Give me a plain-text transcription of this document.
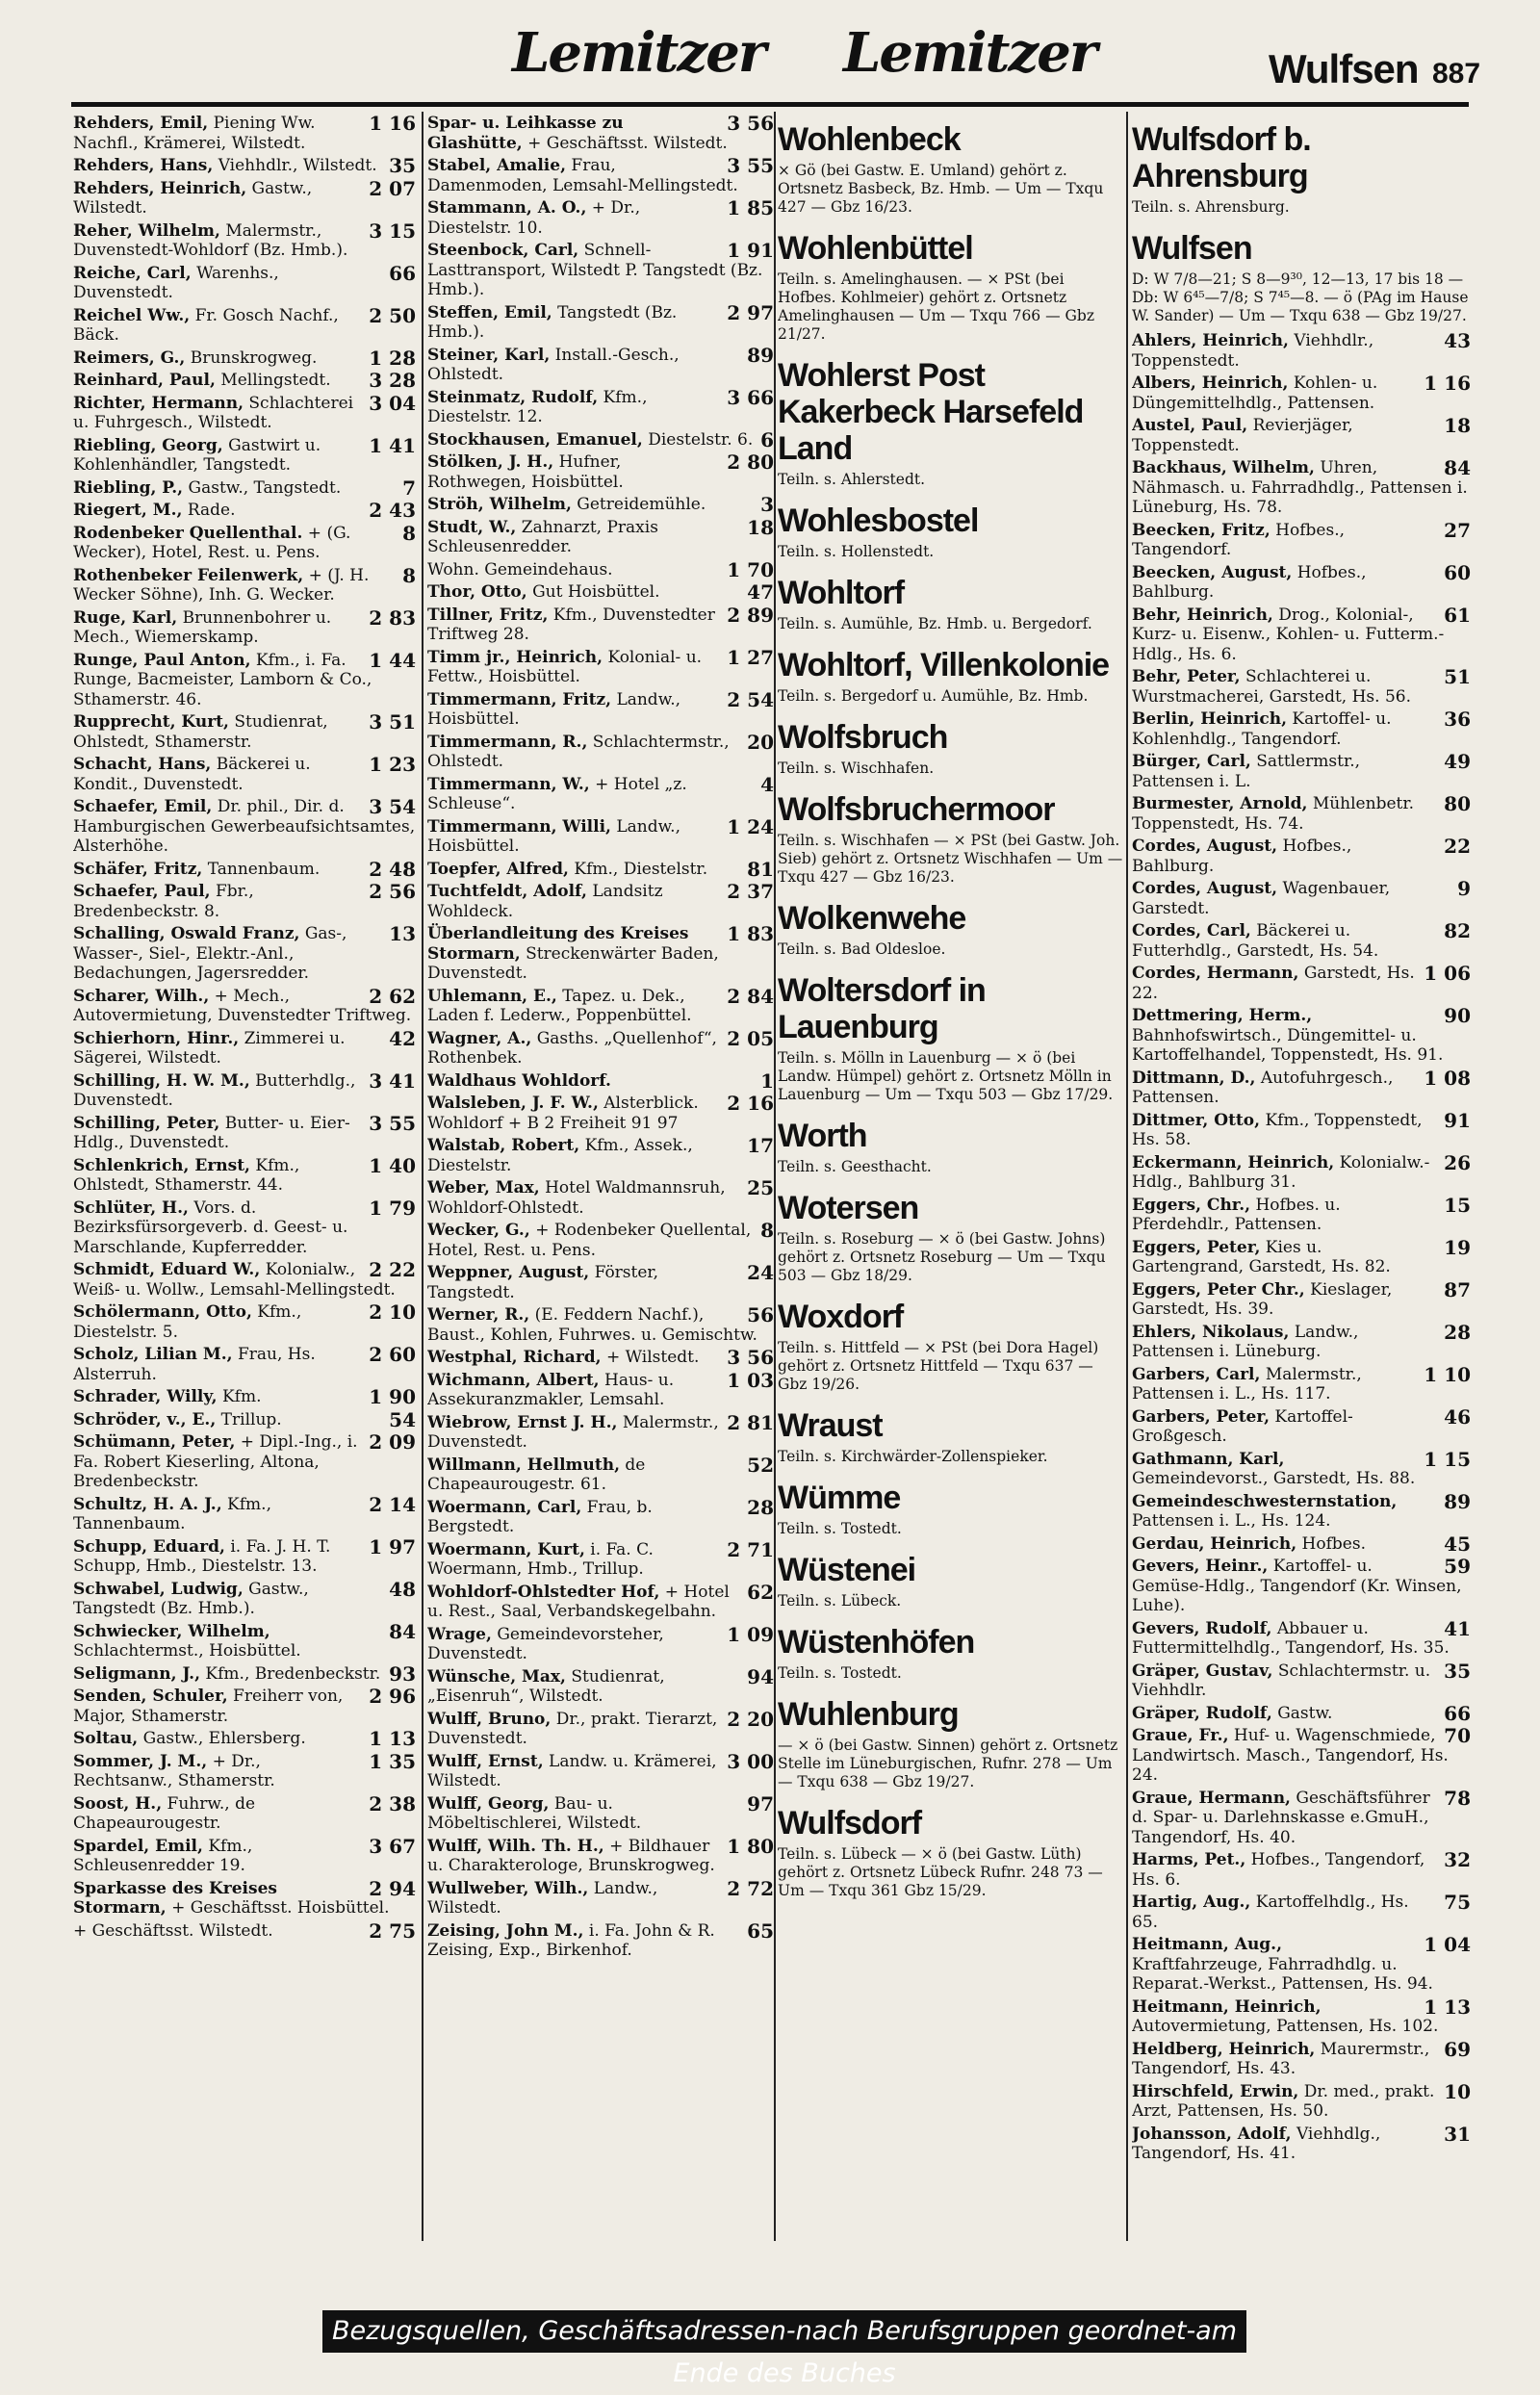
Lemitzer Lemitzer	Wulfsen 887
1 16
Rehders, Emil, Piening Ww. Nachfl., Krämerei, Wilstedt.
35
Rehders, Hans, Viehhdlr., Wilstedt.
2 07
Rehders, Heinrich, Gastw., Wilstedt.
3 15
Reher, Wilhelm, Malermstr., Duvenstedt-Wohldorf (Bz. Hmb.).
66
Reiche, Carl, Warenhs., Duvenstedt.
2 50
Reichel Ww., Fr. Gosch Nachf., Bäck.
1 28
Reimers, G., Brunskrogweg.
3 28
Reinhard, Paul, Mellingstedt.
3 04
Richter, Hermann, Schlachterei u. Fuhrgesch., Wilstedt.
1 41
Riebling, Georg, Gastwirt u. Kohlenhändler, Tangstedt.
7
Riebling, P., Gastw., Tangstedt.
2 43
Riegert, M., Rade.
8
Rodenbeker Quellenthal. + (G. Wecker), Hotel, Rest. u. Pens.
8
Rothenbeker Feilenwerk, + (J. H. Wecker Söhne), Inh. G. Wecker.
2 83
Ruge, Karl, Brunnenbohrer u. Mech., Wiemerskamp.
1 44
Runge, Paul Anton, Kfm., i. Fa. Runge, Bacmeister, Lamborn & Co., Sthamerstr. 46.
3 51
Rupprecht, Kurt, Studienrat, Ohlstedt, Sthamerstr.
1 23
Schacht, Hans, Bäckerei u. Kondit., Duvenstedt.
3 54
Schaefer, Emil, Dr. phil., Dir. d. Hamburgischen Gewerbeaufsichtsamtes, Alsterhöhe.
2 48
Schäfer, Fritz, Tannenbaum.
2 56
Schaefer, Paul, Fbr., Bredenbeckstr. 8.
13
Schalling, Oswald Franz, Gas-, Wasser-, Siel-, Elektr.-Anl., Bedachungen, Jagersredder.
2 62
Scharer, Wilh., + Mech., Autovermietung, Duvenstedter Triftweg.
42
Schierhorn, Hinr., Zimmerei u. Sägerei, Wilstedt.
3 41
Schilling, H. W. M., Butterhdlg., Duvenstedt.
3 55
Schilling, Peter, Butter- u. Eier-Hdlg., Duvenstedt.
1 40
Schlenkrich, Ernst, Kfm., Ohlstedt, Sthamerstr. 44.
1 79
Schlüter, H., Vors. d. Bezirksfürsorgeverb. d. Geest- u. Marschlande, Kupferredder.
2 22
Schmidt, Eduard W., Kolonialw., Weiß- u. Wollw., Lemsahl-Mellingstedt.
2 10
Schölermann, Otto, Kfm., Diestelstr. 5.
2 60
Scholz, Lilian M., Frau, Hs. Alsterruh.
1 90
Schrader, Willy, Kfm.
54
Schröder, v., E., Trillup.
2 09
Schümann, Peter, + Dipl.-Ing., i. Fa. Robert Kieserling, Altona, Bredenbeckstr.
2 14
Schultz, H. A. J., Kfm., Tannenbaum.
1 97
Schupp, Eduard, i. Fa. J. H. T. Schupp, Hmb., Diestelstr. 13.
48
Schwabel, Ludwig, Gastw., Tangstedt (Bz. Hmb.).
84
Schwiecker, Wilhelm, Schlachtermst., Hoisbüttel.
93
Seligmann, J., Kfm., Bredenbeckstr.
2 96
Senden, Schuler, Freiherr von, Major, Sthamerstr.
1 13
Soltau, Gastw., Ehlersberg.
1 35
Sommer, J. M., + Dr., Rechtsanw., Sthamerstr.
2 38
Soost, H., Fuhrw., de Chapeaurougestr.
3 67
Spardel, Emil, Kfm., Schleusenredder 19.
2 94
Sparkasse des Kreises Stormarn, + Geschäftsst. Hoisbüttel.
2 75
+ Geschäftsst. Wilstedt.
3 56
Spar- u. Leihkasse zu Glashütte, + Geschäftsst. Wilstedt.
3 55
Stabel, Amalie, Frau, Damenmoden, Lemsahl-Mellingstedt.
1 85
Stammann, A. O., + Dr., Diestelstr. 10.
1 91
Steenbock, Carl, Schnell-Lasttransport, Wilstedt P. Tangstedt (Bz. Hmb.).
2 97
Steffen, Emil, Tangstedt (Bz. Hmb.).
89
Steiner, Karl, Install.-Gesch., Ohlstedt.
3 66
Steinmatz, Rudolf, Kfm., Diestelstr. 12.
6
Stockhausen, Emanuel, Diestelstr. 6.
2 80
Stölken, J. H., Hufner, Rothwegen, Hoisbüttel.
3
Ströh, Wilhelm, Getreidemühle.
18
Studt, W., Zahnarzt, Praxis Schleusenredder.
1 70
Wohn. Gemeindehaus.
47
Thor, Otto, Gut Hoisbüttel.
2 89
Tillner, Fritz, Kfm., Duvenstedter Triftweg 28.
1 27
Timm jr., Heinrich, Kolonial- u. Fettw., Hoisbüttel.
2 54
Timmermann, Fritz, Landw., Hoisbüttel.
20
Timmermann, R., Schlachtermstr., Ohlstedt.
4
Timmermann, W., + Hotel „z. Schleuse“.
1 24
Timmermann, Willi, Landw., Hoisbüttel.
81
Toepfer, Alfred, Kfm., Diestelstr.
2 37
Tuchtfeldt, Adolf, Landsitz Wohldeck.
1 83
Überlandleitung des Kreises Stormarn, Streckenwärter Baden, Duvenstedt.
2 84
Uhlemann, E., Tapez. u. Dek., Laden f. Lederw., Poppenbüttel.
2 05
Wagner, A., Gasths. „Quellenhof“, Rothenbek.
1
Waldhaus Wohldorf.
2 16
Walsleben, J. F. W., Alsterblick. Wohldorf + B 2 Freiheit 91 97
17
Walstab, Robert, Kfm., Assek., Diestelstr.
25
Weber, Max, Hotel Waldmannsruh, Wohldorf-Ohlstedt.
8
Wecker, G., + Rodenbeker Quellental, Hotel, Rest. u. Pens.
24
Weppner, August, Förster, Tangstedt.
56
Werner, R., (E. Feddern Nachf.), Baust., Kohlen, Fuhrwes. u. Gemischtw.
3 56
Westphal, Richard, + Wilstedt.
1 03
Wichmann, Albert, Haus- u. Assekuranzmakler, Lemsahl.
2 81
Wiebrow, Ernst J. H., Malermstr., Duvenstedt.
52
Willmann, Hellmuth, de Chapeaurougestr. 61.
28
Woermann, Carl, Frau, b. Bergstedt.
2 71
Woermann, Kurt, i. Fa. C. Woermann, Hmb., Trillup.
62
Wohldorf-Ohlstedter Hof, + Hotel u. Rest., Saal, Verbandskegelbahn.
1 09
Wrage, Gemeindevorsteher, Duvenstedt.
94
Wünsche, Max, Studienrat, „Eisenruh“, Wilstedt.
2 20
Wulff, Bruno, Dr., prakt. Tierarzt, Duvenstedt.
3 00
Wulff, Ernst, Landw. u. Krämerei, Wilstedt.
97
Wulff, Georg, Bau- u. Möbeltischlerei, Wilstedt.
1 80
Wulff, Wilh. Th. H., + Bildhauer u. Charakterologe, Brunskrogweg.
2 72
Wullweber, Wilh., Landw., Wilstedt.
65
Zeising, John M., i. Fa. John & R. Zeising, Exp., Birkenhof.
Wohlenbeck
× Gö (bei Gastw. E. Umland) gehört z. Ortsnetz Basbeck, Bz. Hmb. — Um — Txqu 427 — Gbz 16/23.
Wohlenbüttel
Teiln. s. Amelinghausen. — × PSt (bei Hofbes. Kohlmeier) gehört z. Ortsnetz Amelinghausen — Um — Txqu 766 — Gbz 21/27.
Wohlerst Post Kakerbeck Harsefeld Land
Teiln. s. Ahlerstedt.
Wohlesbostel
Teiln. s. Hollenstedt.
Wohltorf
Teiln. s. Aumühle, Bz. Hmb. u. Bergedorf.
Wohltorf, Villenkolonie
Teiln. s. Bergedorf u. Aumühle, Bz. Hmb.
Wolfsbruch
Teiln. s. Wischhafen.
Wolfsbruchermoor
Teiln. s. Wischhafen — × PSt (bei Gastw. Joh. Sieb) gehört z. Ortsnetz Wischhafen — Um — Txqu 427 — Gbz 16/23.
Wolkenwehe
Teiln. s. Bad Oldesloe.
Woltersdorf in Lauenburg
Teiln. s. Mölln in Lauenburg — × ö (bei Landw. Hümpel) gehört z. Ortsnetz Mölln in Lauenburg — Um — Txqu 503 — Gbz 17/29.
Worth
Teiln. s. Geesthacht.
Wotersen
Teiln. s. Roseburg — × ö (bei Gastw. Johns) gehört z. Ortsnetz Roseburg — Um — Txqu 503 — Gbz 18/29.
Woxdorf
Teiln. s. Hittfeld — × PSt (bei Dora Hagel) gehört z. Ortsnetz Hittfeld — Txqu 637 — Gbz 19/26.
Wraust
Teiln. s. Kirchwärder-Zollenspieker.
Wümme
Teiln. s. Tostedt.
Wüstenei
Teiln. s. Lübeck.
Wüstenhöfen
Teiln. s. Tostedt.
Wuhlenburg
— × ö (bei Gastw. Sinnen) gehört z. Ortsnetz Stelle im Lüneburgischen, Rufnr. 278 — Um — Txqu 638 — Gbz 19/27.
Wulfsdorf
Teiln. s. Lübeck — × ö (bei Gastw. Lüth) gehört z. Ortsnetz Lübeck Rufnr. 248 73 — Um — Txqu 361 Gbz 15/29.
Wulfsdorf b. Ahrensburg
Teiln. s. Ahrensburg.
Wulfsen
D: W 7/8—21; S 8—9³⁰, 12—13, 17 bis 18 — Db: W 6⁴⁵—7/8; S 7⁴⁵—8. — ö (PAg im Hause W. Sander) — Um — Txqu 638 — Gbz 19/27.
43
Ahlers, Heinrich, Viehhdlr., Toppenstedt.
1 16
Albers, Heinrich, Kohlen- u. Düngemittelhdlg., Pattensen.
18
Austel, Paul, Revierjäger, Toppenstedt.
84
Backhaus, Wilhelm, Uhren, Nähmasch. u. Fahrradhdlg., Pattensen i. Lüneburg, Hs. 78.
27
Beecken, Fritz, Hofbes., Tangendorf.
60
Beecken, August, Hofbes., Bahlburg.
61
Behr, Heinrich, Drog., Kolonial-, Kurz- u. Eisenw., Kohlen- u. Futterm.-Hdlg., Hs. 6.
51
Behr, Peter, Schlachterei u. Wurstmacherei, Garstedt, Hs. 56.
36
Berlin, Heinrich, Kartoffel- u. Kohlenhdlg., Tangendorf.
49
Bürger, Carl, Sattlermstr., Pattensen i. L.
80
Burmester, Arnold, Mühlenbetr. Toppenstedt, Hs. 74.
22
Cordes, August, Hofbes., Bahlburg.
9
Cordes, August, Wagenbauer, Garstedt.
82
Cordes, Carl, Bäckerei u. Futterhdlg., Garstedt, Hs. 54.
1 06
Cordes, Hermann, Garstedt, Hs. 22.
90
Dettmering, Herm., Bahnhofswirtsch., Düngemittel- u. Kartoffelhandel, Toppenstedt, Hs. 91.
1 08
Dittmann, D., Autofuhrgesch., Pattensen.
91
Dittmer, Otto, Kfm., Toppenstedt, Hs. 58.
26
Eckermann, Heinrich, Kolonialw.-Hdlg., Bahlburg 31.
15
Eggers, Chr., Hofbes. u. Pferdehdlr., Pattensen.
19
Eggers, Peter, Kies u. Gartengrand, Garstedt, Hs. 82.
87
Eggers, Peter Chr., Kieslager, Garstedt, Hs. 39.
28
Ehlers, Nikolaus, Landw., Pattensen i. Lüneburg.
1 10
Garbers, Carl, Malermstr., Pattensen i. L., Hs. 117.
46
Garbers, Peter, Kartoffel-Großgesch.
1 15
Gathmann, Karl, Gemeindevorst., Garstedt, Hs. 88.
89
Gemeindeschwesternstation, Pattensen i. L., Hs. 124.
45
Gerdau, Heinrich, Hofbes.
59
Gevers, Heinr., Kartoffel- u. Gemüse-Hdlg., Tangendorf (Kr. Winsen, Luhe).
41
Gevers, Rudolf, Abbauer u. Futtermittelhdlg., Tangendorf, Hs. 35.
35
Gräper, Gustav, Schlachtermstr. u. Viehhdlr.
66
Gräper, Rudolf, Gastw.
70
Graue, Fr., Huf- u. Wagenschmiede, Landwirtsch. Masch., Tangendorf, Hs. 24.
78
Graue, Hermann, Geschäftsführer d. Spar- u. Darlehnskasse e.GmuH., Tangendorf, Hs. 40.
32
Harms, Pet., Hofbes., Tangendorf, Hs. 6.
75
Hartig, Aug., Kartoffelhdlg., Hs. 65.
1 04
Heitmann, Aug., Kraftfahrzeuge, Fahrradhdlg. u. Reparat.-Werkst., Pattensen, Hs. 94.
1 13
Heitmann, Heinrich, Autovermietung, Pattensen, Hs. 102.
69
Heldberg, Heinrich, Maurermstr., Tangendorf, Hs. 43.
10
Hirschfeld, Erwin, Dr. med., prakt. Arzt, Pattensen, Hs. 50.
31
Johansson, Adolf, Viehhdlg., Tangendorf, Hs. 41.
Bezugsquellen, Geschäftsadressen-nach Berufsgruppen geordnet-am Ende des Buches
